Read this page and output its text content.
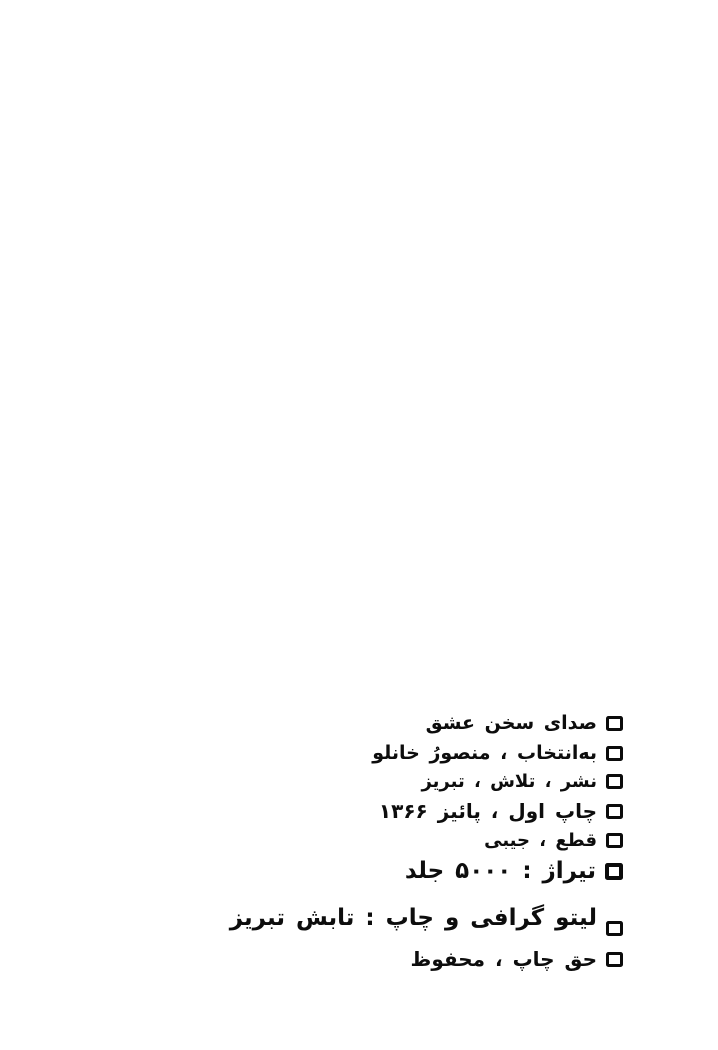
صدای سخن عشق
به‌انتخاب ، منصورُ خانلو
نشر ، تلاش ، تبریز
چاپ اول ، پائیز ۱۳۶۶
قطع ، جیبی
تیراژ : ۵۰۰۰ جلد
لیتو گرافی و چاپ : تابش تبریز
حق چاپ ، محفوظ
